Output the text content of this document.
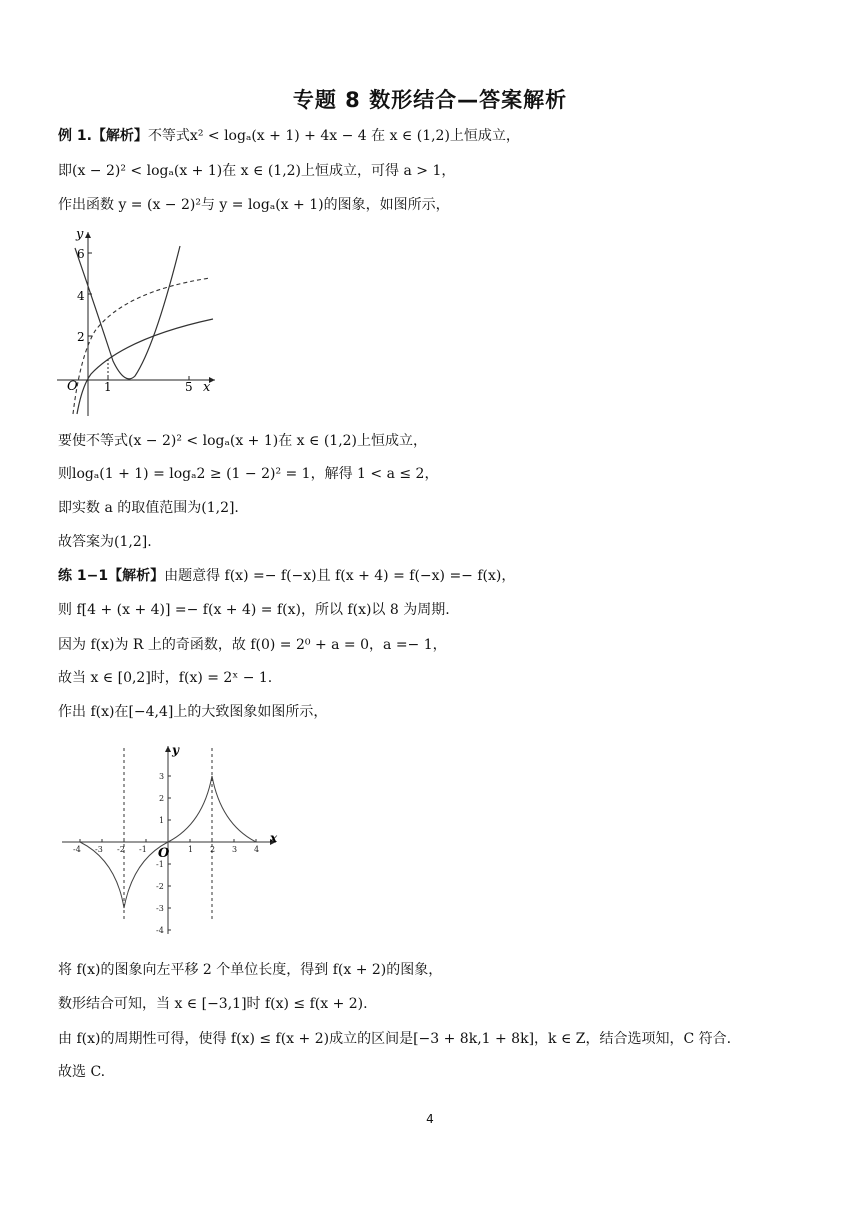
专题 8 数形结合—答案解析
例 1.【解析】不等式x² < logₐ(x + 1) + 4x − 4 在 x ∈ (1,2)上恒成立，
即(x − 2)² < logₐ(x + 1)在 x ∈ (1,2)上恒成立，可得 a > 1，
作出函数 y = (x − 2)²与 y = logₐ(x + 1)的图象，如图所示，
y
x
O 1	5
2
4
6
要使不等式(x − 2)² < logₐ(x + 1)在 x ∈ (1,2)上恒成立，
则logₐ(1 + 1) = logₐ2 ≥ (1 − 2)² = 1，解得 1 < a ≤ 2，
即实数 a 的取值范围为(1,2].
故答案为(1,2].
练 1−1【解析】由题意得 f(x) =− f(−x)且 f(x + 4) = f(−x) =− f(x)，
则 f[4 + (x + 4)] =− f(x + 4) = f(x)，所以 f(x)以 8 为周期.
因为 f(x)为 R 上的奇函数，故 f(0) = 2⁰ + a = 0，a =− 1，
故当 x ∈ [0,2]时，f(x) = 2ˣ − 1.
作出 f(x)在[−4,4]上的大致图象如图所示，
y
x
O
-4 -3 -2 -1	1 2 3 4
3
2
1
-1
-2
-3
-4
将 f(x)的图象向左平移 2 个单位长度，得到 f(x + 2)的图象，
数形结合可知，当 x ∈ [−3,1]时 f(x) ≤ f(x + 2).
由 f(x)的周期性可得，使得 f(x) ≤ f(x + 2)成立的区间是[−3 + 8k,1 + 8k]，k ∈ Z，结合选项知，C 符合.
故选 C.
4
